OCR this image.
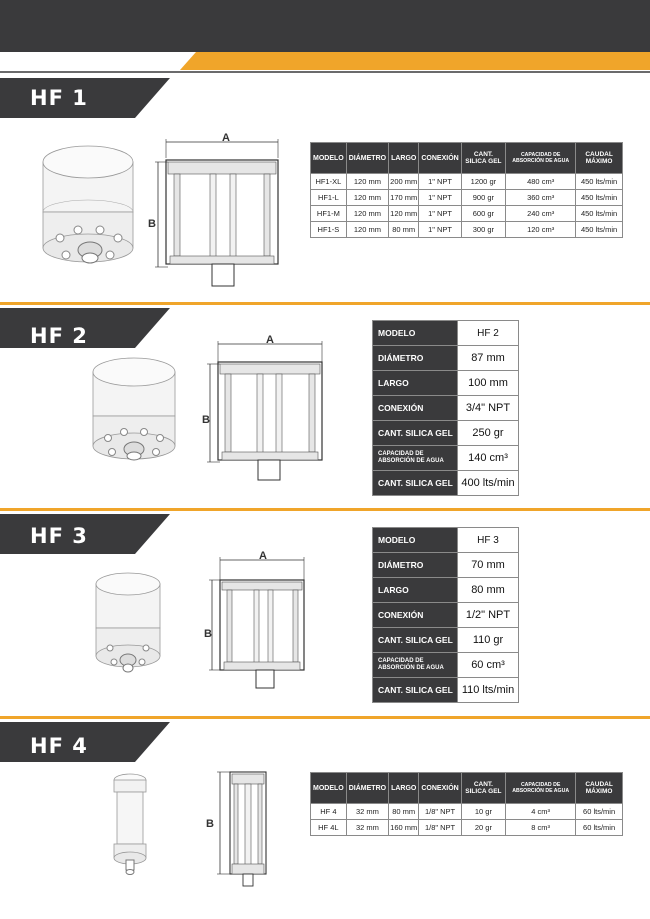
HF 1
A
B
MODELO	DIÁMETRO	LARGO	CONEXIÓN	CANT. SILICA GEL	CAPACIDAD DE ABSORCIÓN DE AGUA	CAUDAL MÁXIMO
HF1-XL	120 mm	200 mm	1" NPT	1200 gr	480 cm³	450 lts/min
HF1-L	120 mm	170 mm	1" NPT	900 gr	360 cm³	450 lts/min
HF1-M	120 mm	120 mm	1" NPT	600 gr	240 cm³	450 lts/min
HF1-S	120 mm	80 mm	1" NPT	300 gr	120 cm³	450 lts/min
HF 2	A
B
MODELO	HF 2
DIÁMETRO	87 mm
LARGO	100 mm
CONEXIÓN	3/4" NPT
CANT. SILICA GEL	250 gr
CAPACIDAD DE ABSORCIÓN DE AGUA	140 cm³
CANT. SILICA GEL	400 lts/min
HF 3
A
B
MODELO	HF 3
DIÁMETRO	70 mm
LARGO	80 mm
CONEXIÓN	1/2" NPT
CANT. SILICA GEL	110 gr
CAPACIDAD DE ABSORCIÓN DE AGUA	60 cm³
CANT. SILICA GEL	110 lts/min
HF 4
B
MODELO	DIÁMETRO	LARGO	CONEXIÓN	CANT. SILICA GEL	CAPACIDAD DE ABSORCIÓN DE AGUA	CAUDAL MÁXIMO
HF 4	32 mm	80 mm	1/8" NPT	10 gr	4 cm³	60 lts/min
HF 4L	32 mm	160 mm	1/8" NPT	20 gr	8 cm³	60 lts/min
